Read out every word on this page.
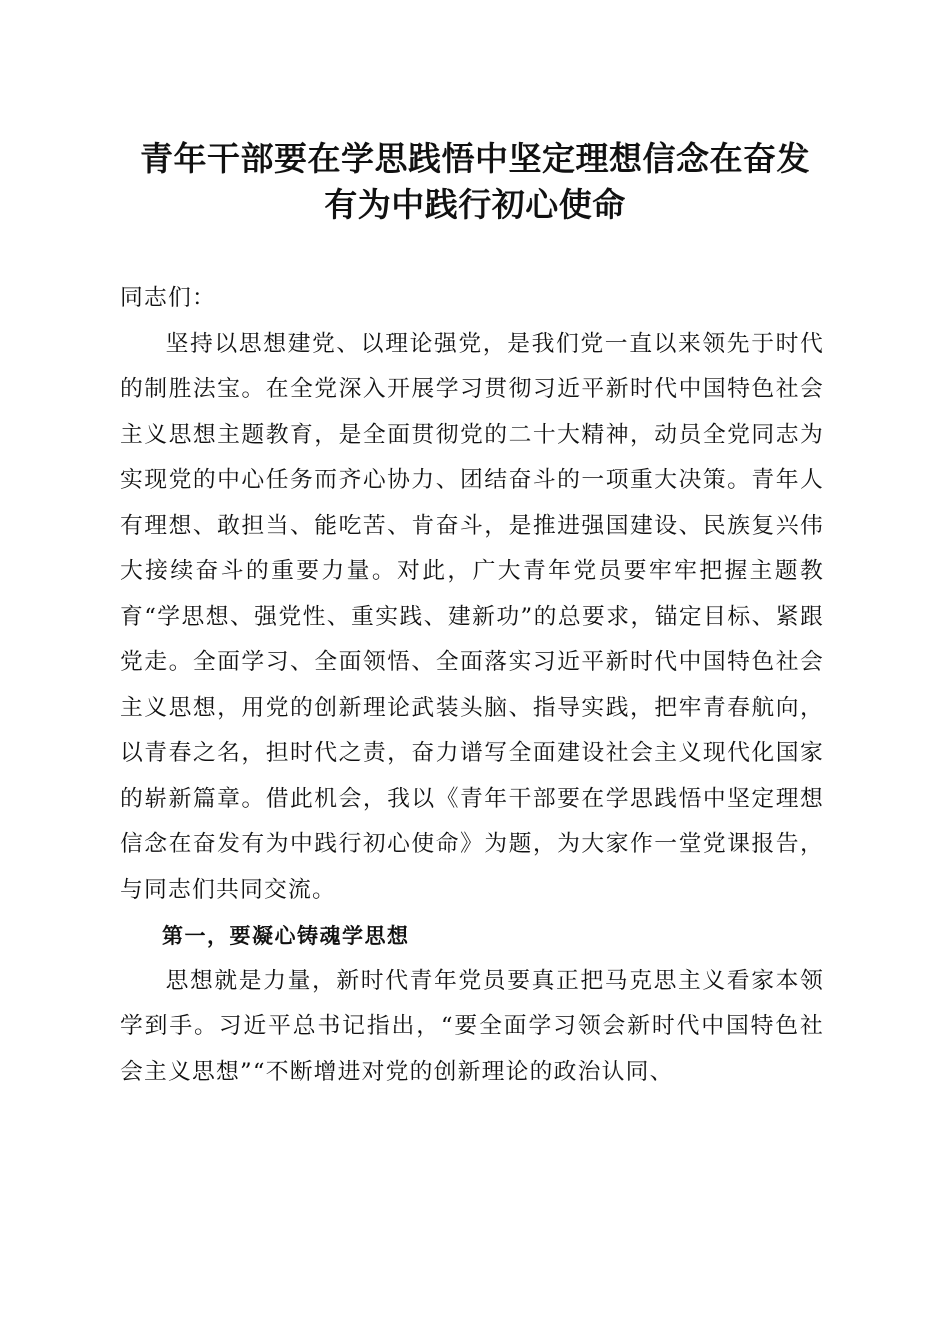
青年干部要在学思践悟中坚定理想信念在奋发
有为中践行初心使命

同志们：

坚持以思想建党、以理论强党，是我们党一直以来领先于时代的制胜法宝。在全党深入开展学习贯彻习近平新时代中国特色社会主义思想主题教育，是全面贯彻党的二十大精神，动员全党同志为实现党的中心任务而齐心协力、团结奋斗的一项重大决策。青年人有理想、敢担当、能吃苦、肯奋斗，是推进强国建设、民族复兴伟大接续奋斗的重要力量。对此，广大青年党员要牢牢把握主题教育“学思想、强党性、重实践、建新功”的总要求，锚定目标、紧跟党走。全面学习、全面领悟、全面落实习近平新时代中国特色社会主义思想，用党的创新理论武装头脑、指导实践，把牢青春航向，以青春之名，担时代之责，奋力谱写全面建设社会主义现代化国家的崭新篇章。借此机会，我以《青年干部要在学思践悟中坚定理想信念在奋发有为中践行初心使命》为题，为大家作一堂党课报告，与同志们共同交流。

第一，要凝心铸魂学思想

思想就是力量，新时代青年党员要真正把马克思主义看家本领学到手。习近平总书记指出，“要全面学习领会新时代中国特色社会主义思想”“不断增进对党的创新理论的政治认同、
